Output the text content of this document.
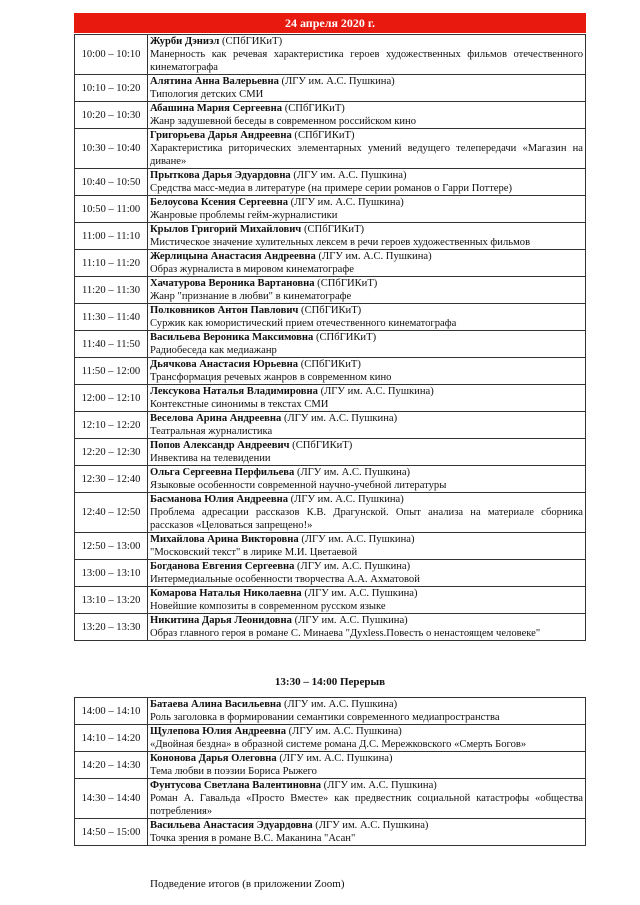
24 апреля 2020 г.
10:00 – 10:10	Журби Дэниэл (СПбГИКиТ)
Манерность как речевая характеристика героев художественных фильмов отечественного кинематографа

10:10 – 10:20	Алятина Анна Валерьевна (ЛГУ им. А.С. Пушкина)
Типология детских СМИ

10:20 – 10:30	Абашина Мария Сергеевна (СПбГИКиТ)
Жанр задушевной беседы в современном российском кино

10:30 – 10:40	Григорьева Дарья Андреевна (СПбГИКиТ)
Характеристика риторических элементарных умений ведущего телепередачи «Магазин на диване»

10:40 – 10:50	Прыткова Дарья Эдуардовна (ЛГУ им. А.С. Пушкина)
Средства масс-медиа в литературе (на примере серии романов о Гарри Поттере)

10:50 – 11:00	Белоусова Ксения Сергеевна (ЛГУ им. А.С. Пушкина)
Жанровые проблемы гейм-журналистики

11:00 – 11:10	Крылов Григорий Михайлович (СПбГИКиТ)
Мистическое значение хулительных лексем в речи героев художественных фильмов

11:10 – 11:20	Жерлицына Анастасия Андреевна (ЛГУ им. А.С. Пушкина)
Образ журналиста в мировом кинематографе

11:20 – 11:30	Хачатурова Вероника Вартановна (СПбГИКиТ)
Жанр "признание в любви" в кинематографе

11:30 – 11:40	Полковников Антон Павлович (СПбГИКиТ)
Суржик как юмористический прием отечественного кинематографа

11:40 – 11:50	Васильева Вероника Максимовна (СПбГИКиТ)
Радиобеседа как медиажанр

11:50 – 12:00	Дьячкова Анастасия Юрьевна (СПбГИКиТ)
Трансформация речевых жанров в современном кино

12:00 – 12:10	Лексукова Наталья Владимировна (ЛГУ им. А.С. Пушкина)
Контекстные синонимы в текстах СМИ

12:10 – 12:20	Веселова Арина Андреевна (ЛГУ им. А.С. Пушкина)
Театральная журналистика

12:20 – 12:30	Попов Александр Андреевич (СПбГИКиТ)
Инвектива на телевидении

12:30 – 12:40	Ольга Сергеевна Перфильева (ЛГУ им. А.С. Пушкина)
Языковые особенности современной научно-учебной литературы

12:40 – 12:50	Басманова Юлия Андреевна (ЛГУ им. А.С. Пушкина)
Проблема адресации рассказов К.В. Драгунской. Опыт анализа на материале сборника рассказов «Целоваться запрещено!»

12:50 – 13:00	Михайлова Арина Викторовна (ЛГУ им. А.С. Пушкина)
"Московский текст" в лирике М.И. Цветаевой

13:00 – 13:10	Богданова Евгения Сергеевна (ЛГУ им. А.С. Пушкина)
Интермедиальные особенности творчества А.А. Ахматовой

13:10 – 13:20	Комарова Наталья Николаевна (ЛГУ им. А.С. Пушкина)
Новейшие композиты в современном русском языке

13:20 – 13:30	Никитина Дарья Леонидовна (ЛГУ им. А.С. Пушкина)
Образ главного героя в романе С. Минаева "Духless.Повесть о ненастоящем человеке"
13:30 – 14:00 Перерыв
14:00 – 14:10	Батаева Алина Васильевна (ЛГУ им. А.С. Пушкина)
Роль заголовка в формировании семантики современного медиапространства

14:10 – 14:20	Щулепова Юлия Андреевна (ЛГУ им. А.С. Пушкина)
«Двойная бездна» в образной системе романа Д.С. Мережковского «Смерть Богов»

14:20 – 14:30	Кононова Дарья Олеговна (ЛГУ им. А.С. Пушкина)
Тема любви в поэзии Бориса Рыжего

14:30 – 14:40	Фунтусова Светлана Валентиновна (ЛГУ им. А.С. Пушкина)
Роман А. Гавальда «Просто Вместе» как предвестник социальной катастрофы «общества потребления»

14:50 – 15:00	Васильева Анастасия Эдуардовна (ЛГУ им. А.С. Пушкина)
Точка зрения в романе В.С. Маканина "Асан"
Подведение итогов (в приложении Zoom)
